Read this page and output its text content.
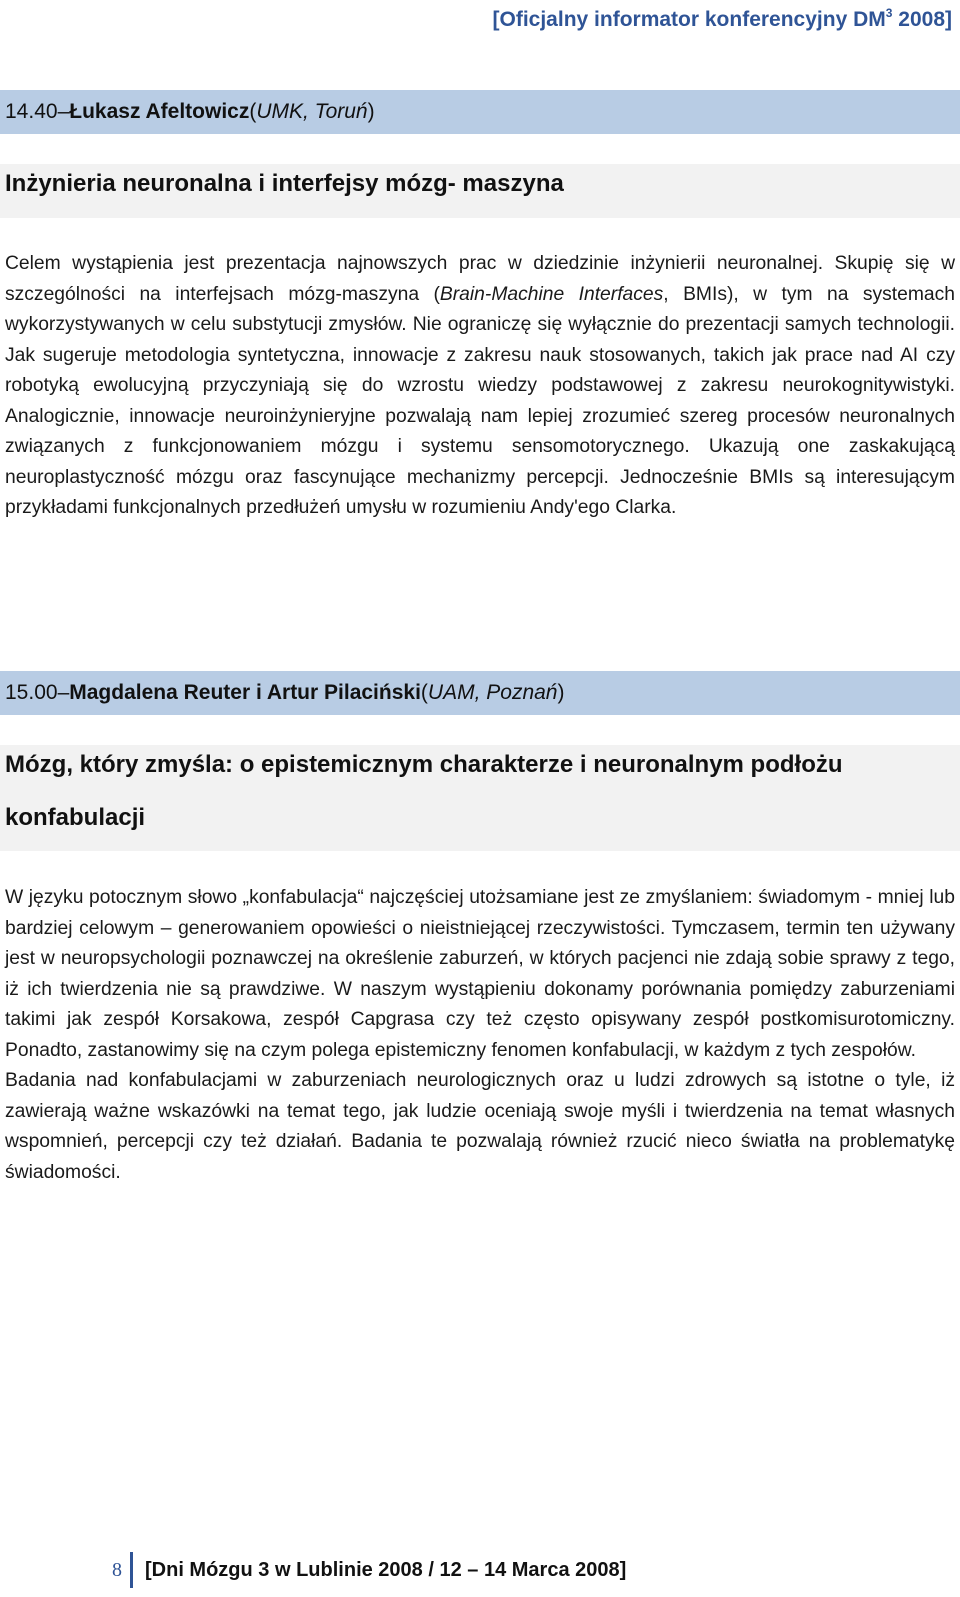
[Oficjalny informator konferencyjny $DM^3$ 2008]
14.40 – Łukasz Afeltowicz ( UMK, Toruń )
Inżynieria neuronalna i interfejsy mózg- maszyna

Celem wystąpienia jest prezentacja najnowszych prac w dziedzinie inżynierii neuronalnej. Skupię się w szczególności na interfejsach mózg-maszyna (Brain-Machine Interfaces, BMIs), w tym na systemach wykorzystywanych w celu substytucji zmysłów. Nie ograniczę się wyłącznie do prezentacji samych technologii. Jak sugeruje metodologia syntetyczna, innowacje z zakresu nauk stosowanych, takich jak prace nad AI czy robotyką ewolucyjną przyczyniają się do wzrostu wiedzy podstawowej z zakresu neurokognitywistyki. Analogicznie, innowacje neuroinżynieryjne pozwalają nam lepiej zrozumieć szereg procesów neuronalnych związanych z funkcjonowaniem mózgu i systemu sensomotorycznego. Ukazują one zaskakującą neuroplastyczność mózgu oraz fascynujące mechanizmy percepcji. Jednocześnie BMIs są interesującym przykładami funkcjonalnych przedłużeń umysłu w rozumieniu Andy'ego Clarka.

15.00 – Magdalena Reuter i Artur Pilaciński ( UAM, Poznań )
Mózg, który zmyśla: o epistemicznym charakterze i neuronalnym podłożu
konfabulacji

W języku potocznym słowo „konfabulacja“ najczęściej utożsamiane jest ze zmyślaniem: świadomym - mniej lub bardziej celowym – generowaniem opowieści o nieistniejącej rzeczywistości. Tymczasem, termin ten używany jest w neuropsychologii poznawczej na określenie zaburzeń, w których pacjenci nie zdają sobie sprawy z tego, iż ich twierdzenia nie są prawdziwe. W naszym wystąpieniu dokonamy porównania pomiędzy zaburzeniami takimi jak zespół Korsakowa, zespół Capgrasa czy też często opisywany zespół postkomisurotomiczny. Ponadto, zastanowimy się na czym polega epistemiczny fenomen konfabulacji, w każdym z tych zespołów.

Badania nad konfabulacjami w zaburzeniach neurologicznych oraz u ludzi zdrowych są istotne o tyle, iż zawierają ważne wskazówki na temat tego, jak ludzie oceniają swoje myśli i twierdzenia na temat własnych wspomnień, percepcji czy też działań. Badania te pozwalają również rzucić nieco światła na problematykę świadomości.

8	[Dni Mózgu 3 w Lublinie 2008 / 12 – 14 Marca 2008]
